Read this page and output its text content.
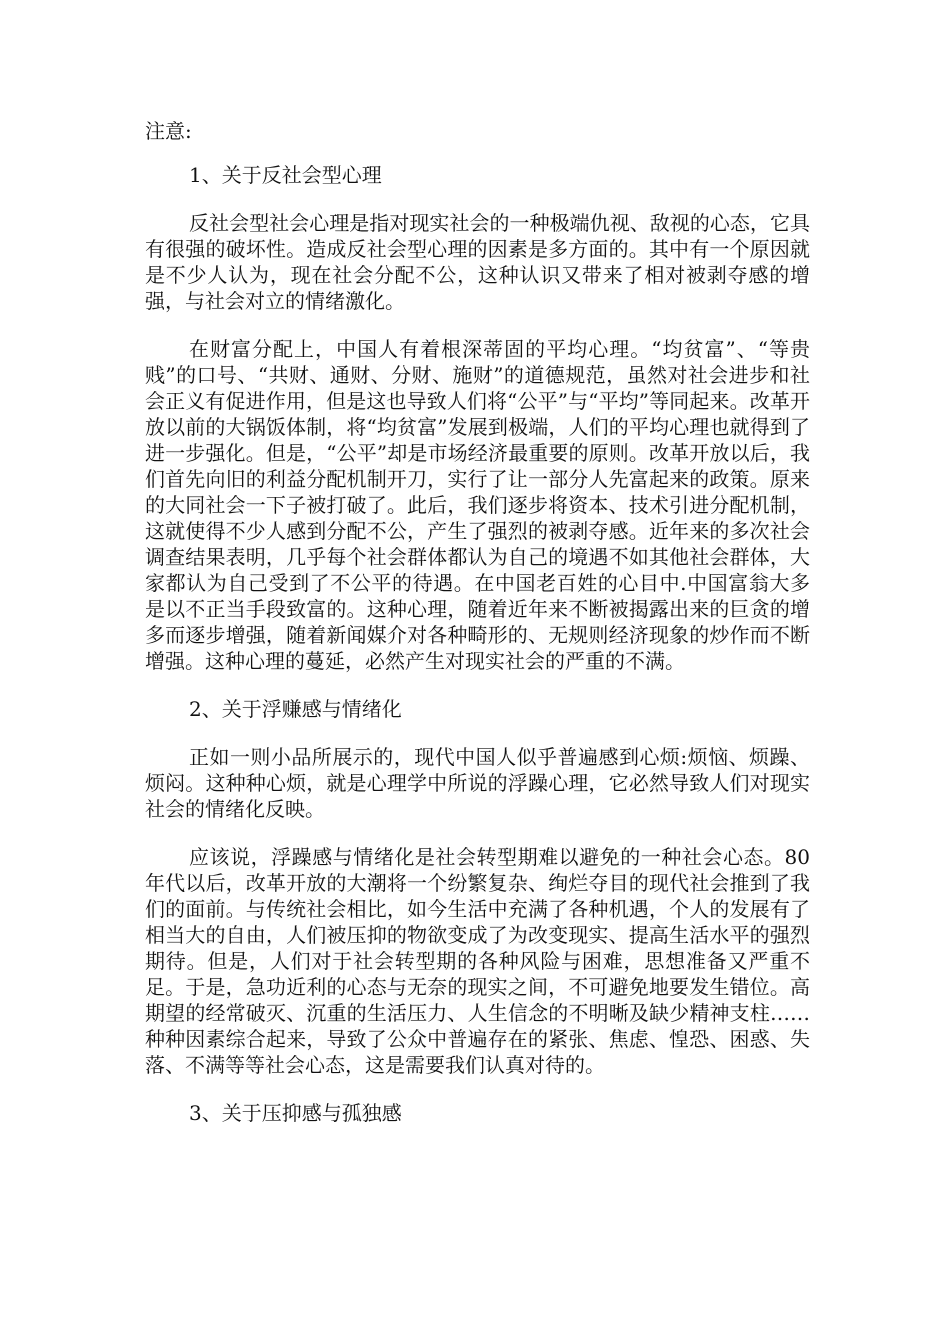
注意:

1、关于反社会型心理

反社会型社会心理是指对现实社会的一种极端仇视、敌视的心态，它具有很强的破坏性。造成反社会型心理的因素是多方面的。其中有一个原因就是不少人认为，现在社会分配不公，这种认识又带来了相对被剥夺感的增强，与社会对立的情绪激化。

在财富分配上，中国人有着根深蒂固的平均心理。“均贫富”、“等贵贱”的口号、“共财、通财、分财、施财”的道德规范，虽然对社会进步和社会正义有促进作用，但是这也导致人们将“公平”与“平均”等同起来。改革开放以前的大锅饭体制，将“均贫富”发展到极端，人们的平均心理也就得到了进一步强化。但是，“公平”却是市场经济最重要的原则。改革开放以后，我们首先向旧的利益分配机制开刀，实行了让一部分人先富起来的政策。原来的大同社会一下子被打破了。此后，我们逐步将资本、技术引进分配机制，这就使得不少人感到分配不公，产生了强烈的被剥夺感。近年来的多次社会调查结果表明，几乎每个社会群体都认为自己的境遇不如其他社会群体，大家都认为自己受到了不公平的待遇。在中国老百姓的心目中.中国富翁大多是以不正当手段致富的。这种心理，随着近年来不断被揭露出来的巨贪的增多而逐步增强，随着新闻媒介对各种畸形的、无规则经济现象的炒作而不断增强。这种心理的蔓延，必然产生对现实社会的严重的不满。

2、关于浮赚感与情绪化

正如一则小品所展示的，现代中国人似乎普遍感到心烦:烦恼、烦躁、烦闷。这种种心烦，就是心理学中所说的浮躁心理，它必然导致人们对现实社会的情绪化反映。

应该说，浮躁感与情绪化是社会转型期难以避免的一种社会心态。80年代以后，改革开放的大潮将一个纷繁复杂、绚烂夺目的现代社会推到了我们的面前。与传统社会相比，如今生活中充满了各种机遇，个人的发展有了相当大的自由，人们被压抑的物欲变成了为改变现实、提高生活水平的强烈期待。但是，人们对于社会转型期的各种风险与困难，思想准备又严重不足。于是，急功近利的心态与无奈的现实之间，不可避免地要发生错位。高期望的经常破灭、沉重的生活压力、人生信念的不明晰及缺少精神支柱……种种因素综合起来，导致了公众中普遍存在的紧张、焦虑、惶恐、困惑、失落、不满等等社会心态，这是需要我们认真对待的。

3、关于压抑感与孤独感
